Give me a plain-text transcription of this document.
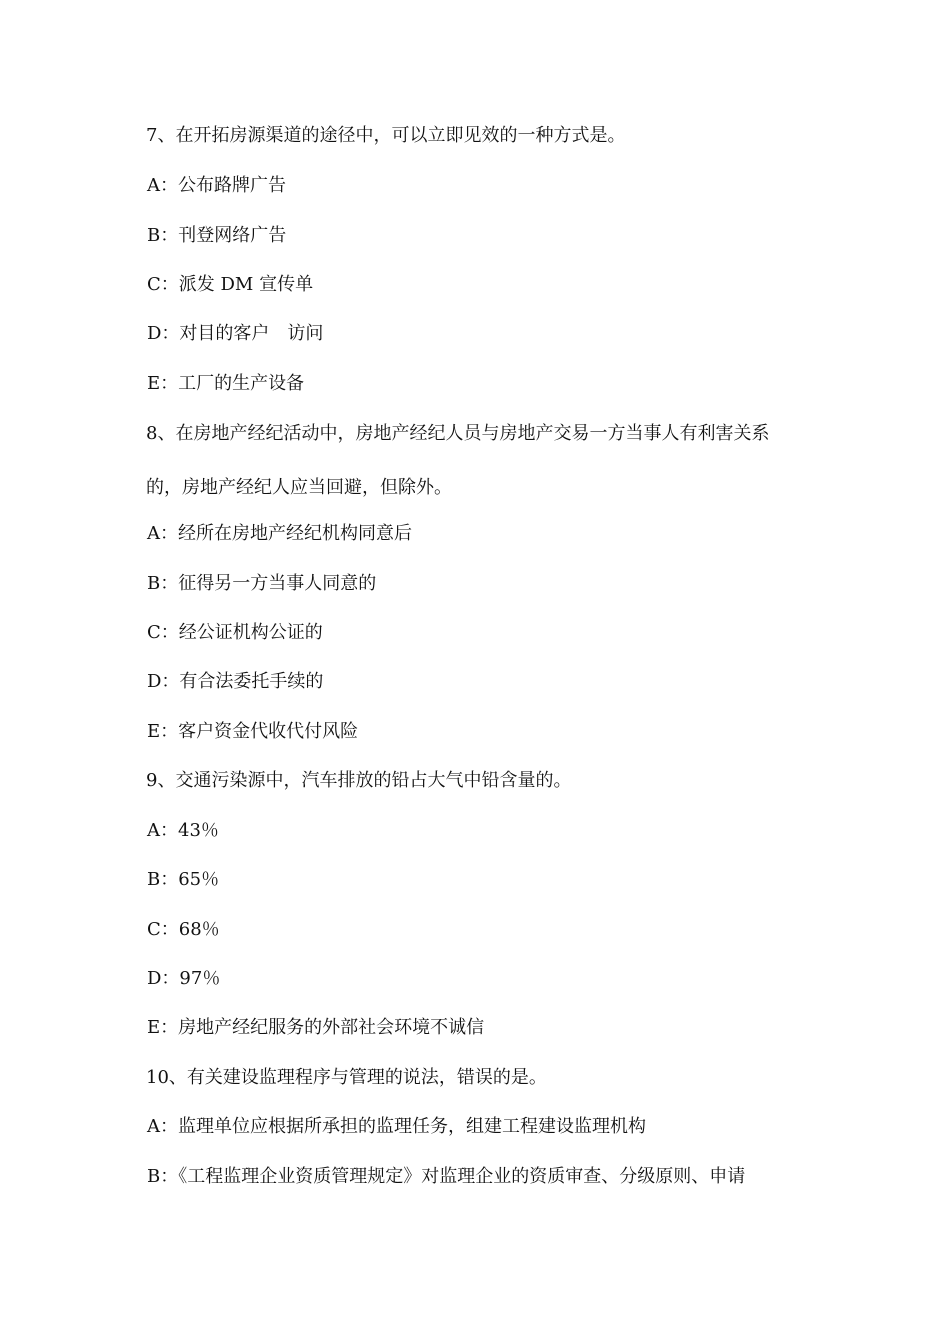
7、在开拓房源渠道的途径中，可以立即见效的一种方式是。
A：公布路牌广告
B：刊登网络广告
C：派发 DM 宣传单
D：对目的客户　访问
E：工厂的生产设备
8、在房地产经纪活动中，房地产经纪人员与房地产交易一方当事人有利害关系
的，房地产经纪人应当回避，但除外。
A：经所在房地产经纪机构同意后
B：征得另一方当事人同意的
C：经公证机构公证的
D：有合法委托手续的
E：客户资金代收代付风险
9、交通污染源中，汽车排放的铅占大气中铅含量的。
A：43％
B：65％
C：68％
D：97％
E：房地产经纪服务的外部社会环境不诚信
10、有关建设监理程序与管理的说法，错误的是。
A：监理单位应根据所承担的监理任务，组建工程建设监理机构
B：《工程监理企业资质管理规定》对监理企业的资质审查、分级原则、申请
